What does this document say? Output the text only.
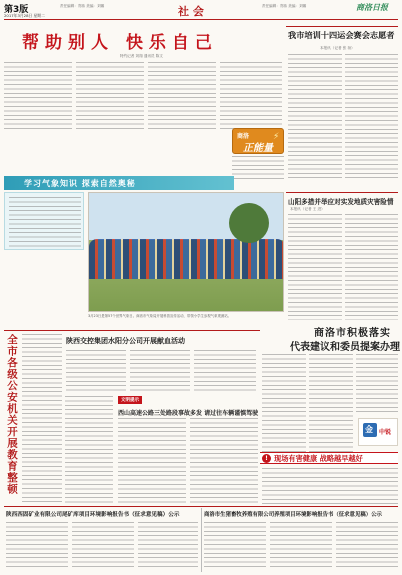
第3版
2017年3月28日 星期二
责任编辑：郑伟 美编：刘娜	社 会	责任编辑：郑伟 美编：刘娜	商洛日报
帮助别人 快乐自己
特约记者 刘翔 通讯员 陈文
我市培训十四运会赛会志愿者
本报讯（记者 张 扬）
商洛
正能量
⚡
学习气象知识 探索自然奥秘
3月23日是第57个世界气象日。商洛市气象局开展科普宣传活动，带领小学生参观气象观测站。
山阳多措并举应对实发地质灾害险情
本报讯（记者 王 进）
商洛市积极落实
代表建议和委员提案办理
金 中锐
全市各级公安机关开展教育整顿	陕西交控集团水阳分公司开展献血活动
文明提示
西山高速公路三处路段事故多发 请过往车辆谨慎驾驶
! 现场有害健康 战略越早越好
陕西西固矿业有限公司尾矿库项目环境影响报告书（征求意见稿）公示	商洛市生猪畜牧养殖有限公司养殖项目环境影响报告书（征求意见稿）公示
